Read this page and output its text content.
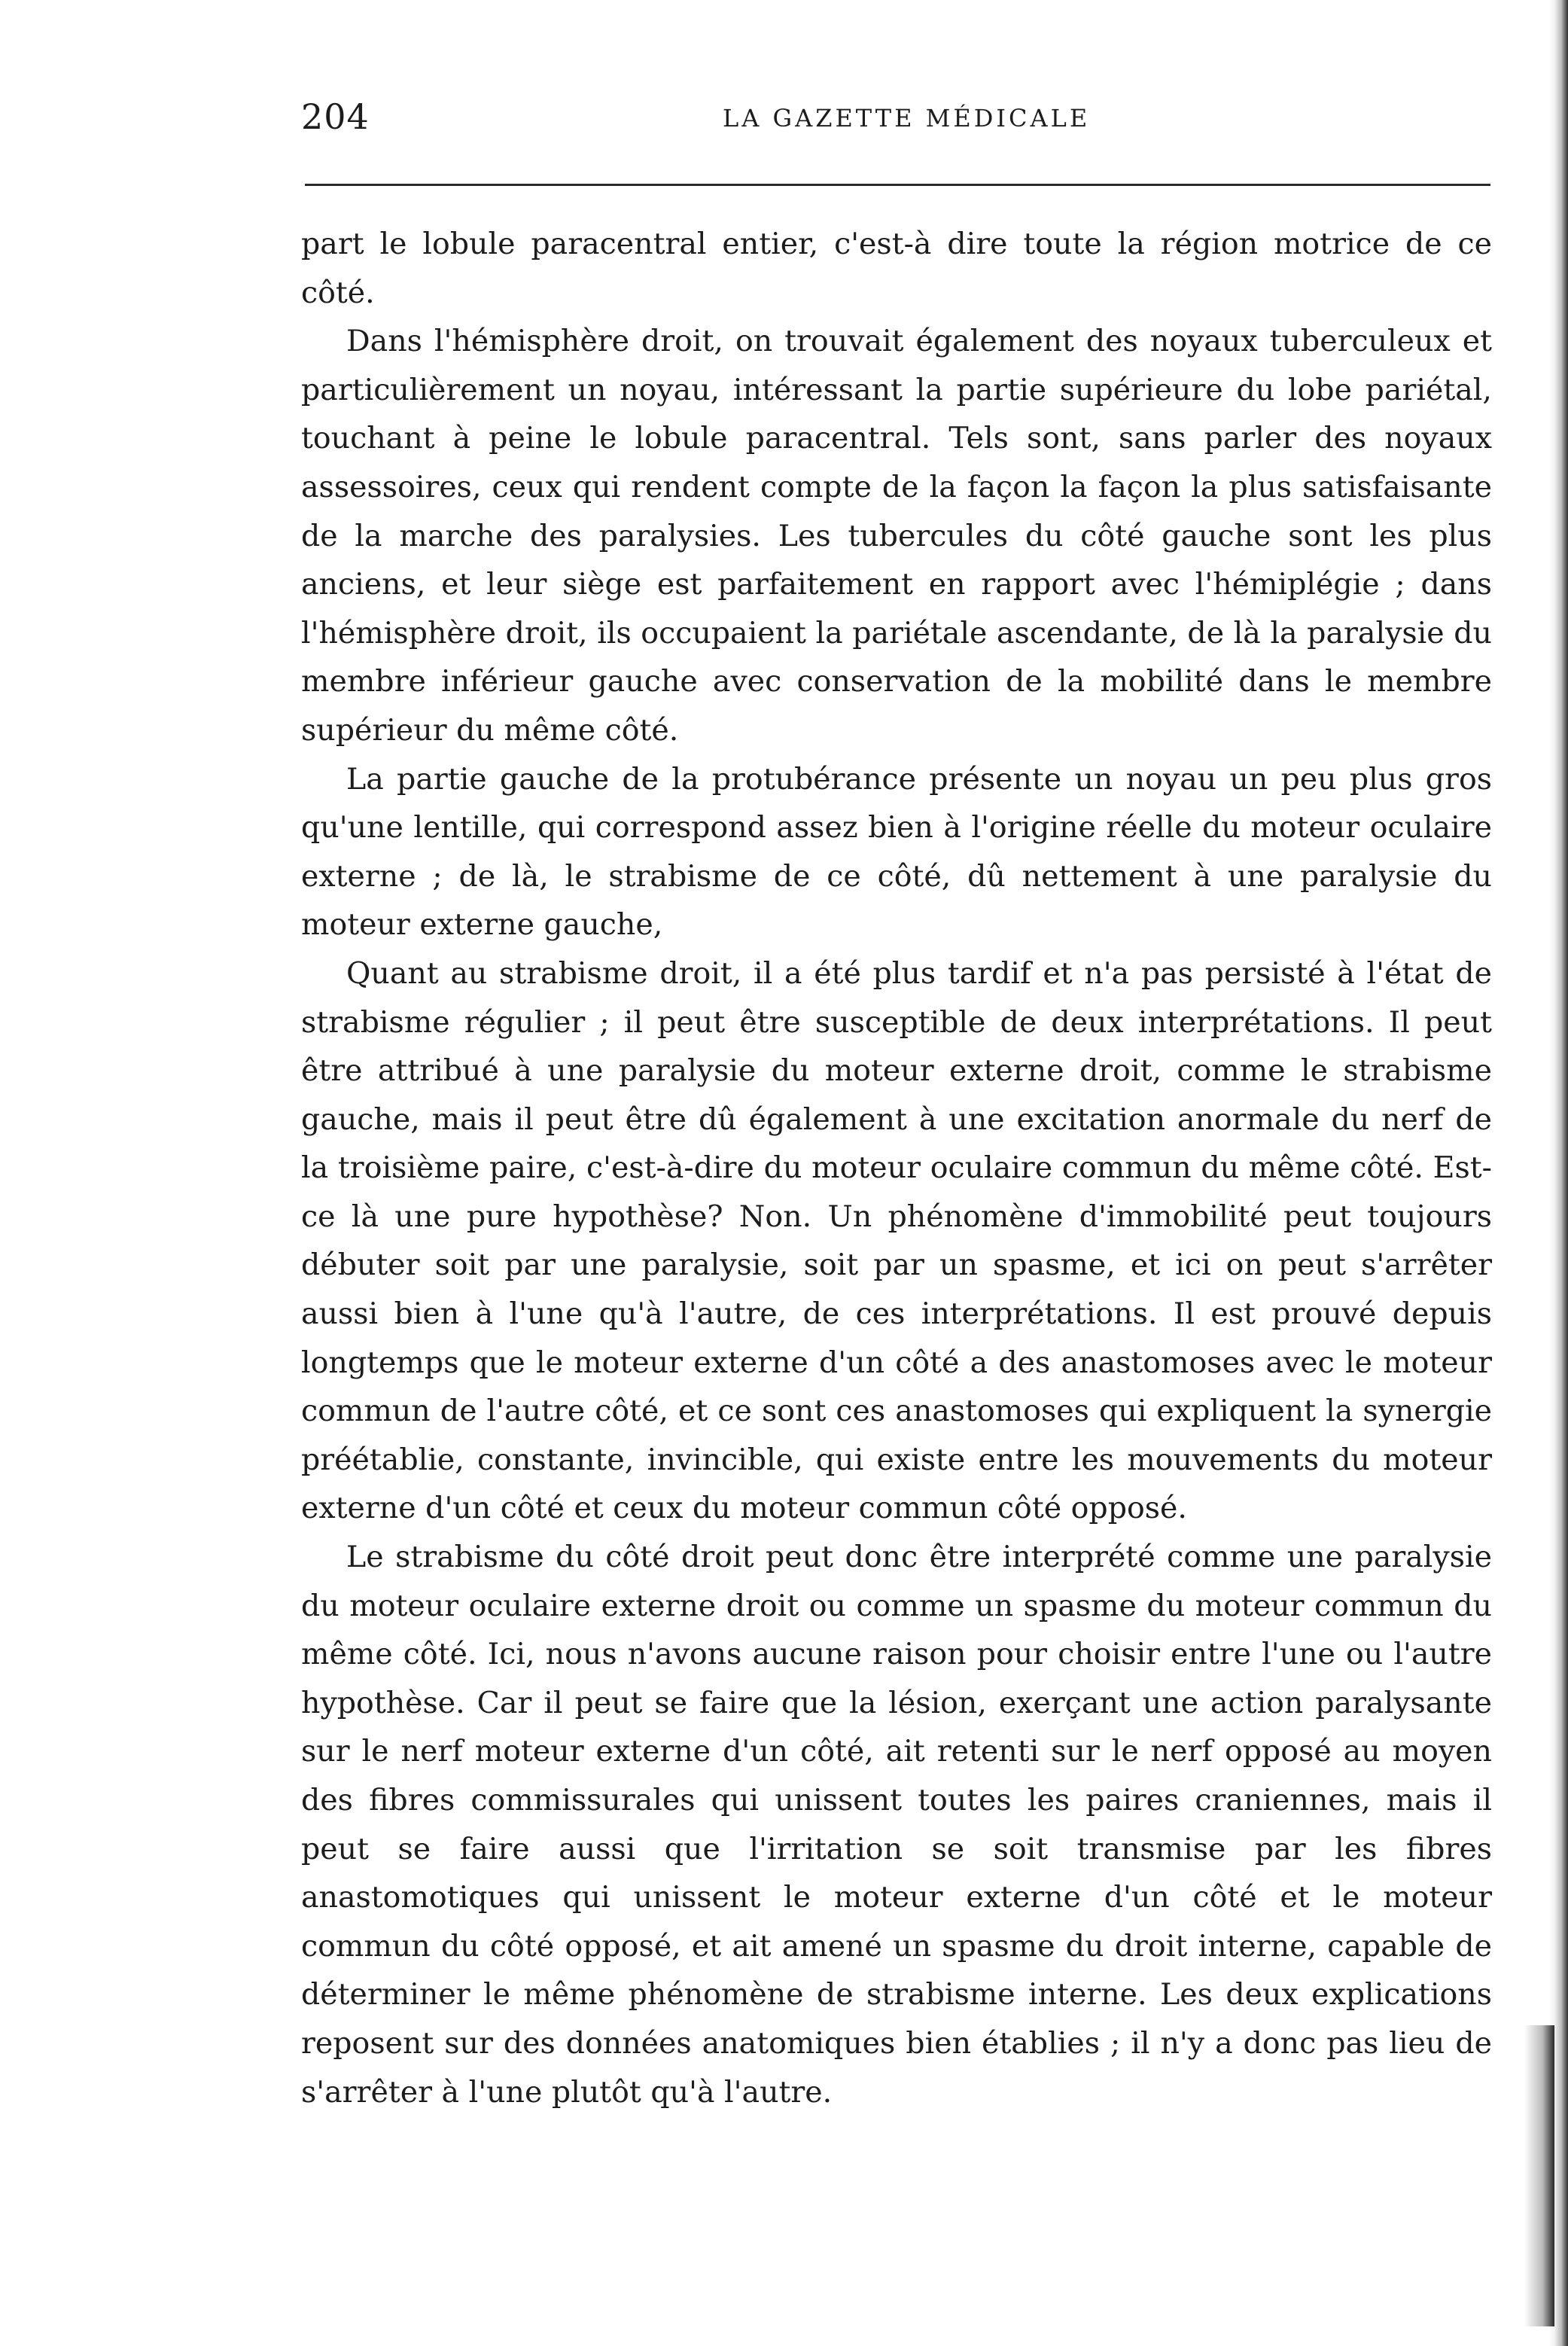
204	LA GAZETTE MÉDICALE

part le lobule paracentral entier, c'est-à dire toute la région motrice de ce côté.

Dans l'hémisphère droit, on trouvait également des noyaux tuberculeux et particulièrement un noyau, intéressant la partie supérieure du lobe pariétal, touchant à peine le lobule paracentral. Tels sont, sans parler des noyaux assessoires, ceux qui rendent compte de la façon la façon la plus satisfaisante de la marche des paralysies. Les tubercules du côté gauche sont les plus anciens, et leur siège est parfaitement en rapport avec l'hémiplégie ; dans l'hémisphère droit, ils occupaient la pariétale ascendante, de là la paralysie du membre inférieur gauche avec conservation de la mobilité dans le membre supérieur du même côté.

La partie gauche de la protubérance présente un noyau un peu plus gros qu'une lentille, qui correspond assez bien à l'origine réelle du moteur oculaire externe ; de là, le strabisme de ce côté, dû nettement à une paralysie du moteur externe gauche,

Quant au strabisme droit, il a été plus tardif et n'a pas persisté à l'état de strabisme régulier ; il peut être susceptible de deux interprétations. Il peut être attribué à une paralysie du moteur externe droit, comme le strabisme gauche, mais il peut être dû également à une excitation anormale du nerf de la troisième paire, c'est-à-dire du moteur oculaire commun du même côté. Est-ce là une pure hypothèse? Non. Un phénomène d'immobilité peut toujours débuter soit par une paralysie, soit par un spasme, et ici on peut s'arrêter aussi bien à l'une qu'à l'autre, de ces interprétations. Il est prouvé depuis longtemps que le moteur externe d'un côté a des anastomoses avec le moteur commun de l'autre côté, et ce sont ces anastomoses qui expliquent la synergie préétablie, constante, invincible, qui existe entre les mouvements du moteur externe d'un côté et ceux du moteur commun côté opposé.

Le strabisme du côté droit peut donc être interprété comme une paralysie du moteur oculaire externe droit ou comme un spasme du moteur commun du même côté. Ici, nous n'avons aucune raison pour choisir entre l'une ou l'autre hypothèse. Car il peut se faire que la lésion, exerçant une action paralysante sur le nerf moteur externe d'un côté, ait retenti sur le nerf opposé au moyen des fibres commissurales qui unissent toutes les paires craniennes, mais il peut se faire aussi que l'irritation se soit transmise par les fibres anastomotiques qui unissent le moteur externe d'un côté et le moteur commun du côté opposé, et ait amené un spasme du droit interne, capable de déterminer le même phénomène de strabisme interne. Les deux explications reposent sur des données anatomiques bien établies ; il n'y a donc pas lieu de s'arrêter à l'une plutôt qu'à l'autre.
